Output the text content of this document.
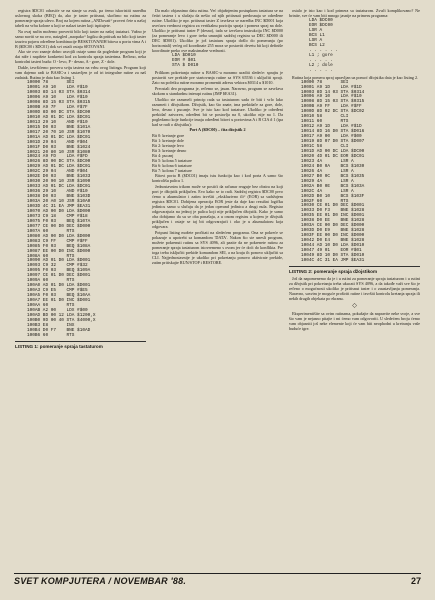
registra $DC01 odrasiće se na stanje sa zvuk, pa ćemo iskoristiti naredbu uslovnog skoka (BEQ) da, ako je taster pritisnut, skočimo na rutinu za pomeranje spraja ulevo. Broj na kojem rutina „ANDovati“ proveri čete u našoj tabeli na vrhu kolone u koji se nalazi taster koji ispitujete.

Na ovaj način možemo proveriti bilo koji taster na našoj tastaturi. Važno je samo naviti se na ovo, naizgled „naopako“ logiku da pritisak na bilo koji taster izaziva pojavu određene kombinacije BESKTOVANIH bitova u portu vima A i B ($DC00 i $DC01) dok svi ostali ostaju SETOVANI.

Ako ste ovo znanje dobro usvojili ostaje samo da pogledate program koji je dat niže i napišete konkretni kod za kontrolu spraja tasterima. Rečimo, neka kontrolni tasteri budu: O - levo, P - desno, A - gore, Z - dole.

Dakle, izvršićemo proveru sviju tastera na vrhu ovog listinga. Program koji vam dajemo radi iz BASIC-a i sastavljen je od tri integralne rutine za naš zadatak. Rutina je data kao listing 1.

10000 78       SEI
10001 A9 10    LDA #$10
10003 8D 14 03 STA $0314
10006 A9 10    LDA #$10
10008 8D 15 03 STA $0315
1000B A9 7F    LDA #$7F
1000D 8D 00 DC STA $DC00
10010 AD 01 DC LDA $DC01
10013 29 10    AND #$10
10015 D0 03    BNE $101A
10017 20 70 10 JSR $1070
1001A AD 01 DC LDA $DC01
1001D 29 04    AND #$04
1001F D0 03    BNE $1024
10021 20 80 10 JSR $1080
10024 A9 FD    LDA #$FD
10026 8D 00 DC STA $DC00
10029 AD 01 DC LDA $DC01
1002C 29 04    AND #$04
1002E D0 03    BNE $1033
10030 20 90 10 JSR $1090
10033 AD 01 DC LDA $DC01
10036 29 10    AND #$10
10038 D0 03    BNE $103D
1003A 20 A0 10 JSR $10A0
1003D 4C 31 EA JMP $EA31
10070 AD 00 D0 LDA $D000
10073 C9 18    CMP #$18
10075 F0 03    BEQ $107A
10077 CE 00 D0 DEC $D000
1007A 60       RTS
10080 AD 00 D0 LDA $D000
10083 C9 FF    CMP #$FF
10085 F0 03    BEQ $108A
10087 EE 00 D0 INC $D000
1008A 60       RTS
10090 AD 01 D0 LDA $D001
10093 C9 32    CMP #$32
10095 F0 03    BEQ $109A
10097 CE 01 D0 DEC $D001
1009A 60       RTS
100A0 AD 01 D0 LDA $D001
100A3 C9 E5    CMP #$E5
100A5 F0 03    BEQ $10AA
100A7 EE 01 D0 INC $D001
100AA 60       RTS
100AB A2 00    LDX #$00
100AD BD 00 12 LDA $1200,X
100B0 9D 00 40 STA $4000,X
100B3 E8       INX
100B4 D0 F7    BNE $10AD
100B6 60       RTS
LISTING 1: pomeranje spraja tastaturom

Da malo objasnimo datu rutinu. Već objašnjenim postupkom tastatura se na četiri tastera i u slučaju da nešto od njih pritisnuti predosnaja se određene rutine. Ukoliko je npr. pritisnut taster Z izvršava se naredba INC $D001 koja uvećava vrednost registra za vertikalnu poziciju spraja i pomera spraj na dole. Ukoliko je pritisnut taster P (desno), tada se izvršava instrukcija INC $D000 (za pomeranje levo i gore treba umanjiti sadržaj registra sa DEC $D000 ili DEC $D001). Ukoliko je još tastaturu spraja došlo do pomeranja (po horizontali) većeg od koordinate 255 mora se postaviti devetu bit koji definiše koordinate preko ove maksimalne vrednosti.

LDA $D010
EOR # $01
STA $ D010

Prilikom pokretanja rutine u BASIC-u moramo uraditi sledeće: sprajtu je postaviti sve prekide pre startovanja rutine sa SYS 65536 i uključiti sprajt. Zato na početku rutine moramo promeniti adresu vektora $0314 u $1010.

Preostali deo programa je, rečemo se, jasan. Naravno, program se završava skokom u standardnu interapt rutinu (JMP $EA31).

Ukoliko ste razumeli princip rada sa tastaturom sada će biti i vrlo lako razumeti i džojstikom. Džojstik, kao što znate, ima prekidače za gore, dole, levo, desno i pucanje. Sve je isto kao kod tastature. Ukoliko je određeni prekidač zatvoren, određeni bit se postavlja na 0, ukoliko nije na 1. Da pogledamo koje funkcije imaju određeni bitovi u portovima A i B CIA # 1 (ipa kad se radi o džojstiku):

Port A ($DC00) – čita džojstik 2

Bit 0: kretanje gore
Bit 1: kretanje dole
Bit 2: kretanje levo
Bit 3: kretanje desno
Bit 4: pucanj
Bit 5: kolona 5 tastature
Bit 6: kolona 6 tastature
Bit 7: kolona 7 tastature

Bitovi porta B ($DC01) imaju istu funkciju kao i kod porta A samo što kontrolišu palicu 1.

Jednostavnim trikom može se postići da računar reaguje bez obzira na koji port je džojstik priključen. Evo kako se to radi. Sadržaj registra $DC00 prvo ćemo u akumulator i zatim izvršiti „ekskluzivno ili“ (EOR) sa sadržajem registra $DC01. Dobijena operacija EOR jeste da daje kao rezultat logičku jedinicu samo u slučaju da je jedan operand jedinica a drugi nula. Registar odgovarajuća na jednoj je palica koji nije priključen džojstik. Kako je samo oba dobijamo da su se oba ponašaju, a u onom registru u kojem je džojstik priključen i ostaje se taj bit odgovarajući i oko je u akumulatoru koja odgovara.

Potpuni listing možete pročitati na sledećem programu. Ona se pokreće se pokazuje u upotrebi sa komandom 'DATA'. Nakon što ste unesli program, možete pokrenuti rutinu sa SYS 4096, ali pazite da ne pokrenete rutinu za pomeranje spraja tastaturom istovremeno s ovom jer će doći do konflikta. Pre toga treba isključiti prekide komandom SEI, a na kraju ih ponovo uključiti sa CLI. Najjednostavnije je ukoliko pri pokretanju ponovo aktivirate prekide, zatim pritiskajte RUN/STOP i RESTORE.

ostalo je isto kao i kod primera sa tastaturom. Zvuči komplikovano? Ne brinite, sve će vam biti mnogo jasnije na primeru programa:

LDA $DC00
EOR $DC00
LSR A
BCS L1
LSR A
BCS L2
. . . . . .
L1 ; gore
. . . . .
L2 ; dole
. . . . .

Rutina koja pomera spraj upravljan uz pomoć džojstika data je kao listing 2.

10000 78       SEI
10001 A9 1D    LDA #$1D
10003 8D 14 03 STA $0314
10006 A9 10    LDA #$10
10008 8D 15 03 STA $0315
1000B A9 FF    LDA #$FF
1000D 8D 02 DC STA $DC02
10010 58       CLI
10011 60       RTS
10012 A9 1D    LDA #$1D
10014 8D 16 D0 STA $D016
10017 A9 00    LDA #$00
10019 8D 07 D0 STA $D007
1001C 58       CLI
1001D AD 00 DC LDA $DC00
10020 4D 01 DC EOR $DC01
10023 4A       LSR A
10024 B0 0A    BCS $1030
10026 4A       LSR A
10027 B0 0C    BCS $1035
10029 4A       LSR A
1002A B0 0E    BCS $103A
1002C 4A       LSR A
1002D B0 10    BCS $103F
1002F 60       RTS
10030 CE 01 D0 DEC $D001
10033 D0 F3    BNE $1028
10035 EE 01 D0 INC $D001
10038 D0 EE    BNE $1028
1003A CE 00 D0 DEC $D000
1003D D0 E9    BNE $1028
1003F EE 00 D0 INC $D000
10042 D0 E4    BNE $1028
10044 AD 10 D0 LDA $D010
10047 49 01    EOR #$01
10049 8D 10 D0 STA $D010
1004C 4C 31 EA JMP $EA31
LISTING 2: pomeranje spraja džojstikom

Još da napomenemo da je i u rutini za pomeranje spraja tastaturom i u rutini za džojstik pri pokretanju treba ukucati SYS 4096, a da takođe važi sve što je rečeno o mogućnosti ukoliko je pritisnut taster i o zaustavljanju pomeranja. Naravno, sasvim je moguće proširiti rutine i izvršiti kontrolu kretanja spraja ili nekih drugih objekata po ekranu.

◇

Eksperimentišite sa ovim rutinama, pokušajte da napravite neke svoje, a sve što vam je nejasno pitajte i mi ćemo vam odgovoriti. U sledećem broju ćemo vam objasniti još neke elemente koji će vam biti neophodni u kreiranju vaše buduće igre.

SVET KOMPJUTERA / NOVEMBAR '88.	27
